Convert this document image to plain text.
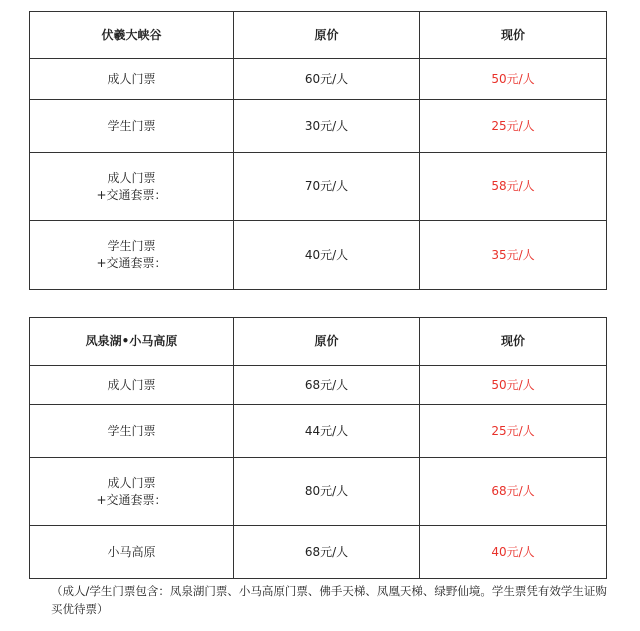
伏羲大峡谷	原价	现价

成人门票	60元/人	50元/人

学生门票	30元/人	25元/人

成人门票
+交通套票：	70元/人	58元/人

学生门票
+交通套票：	40元/人	35元/人
凤泉湖•小马高原	原价	现价

成人门票	68元/人	50元/人

学生门票	44元/人	25元/人

成人门票
+交通套票：	80元/人	68元/人

小马高原	68元/人	40元/人
（成人/学生门票包含：凤泉湖门票、小马高原门票、佛手天梯、凤凰天梯、绿野仙境。学生票凭有效学生证购买优待票）
